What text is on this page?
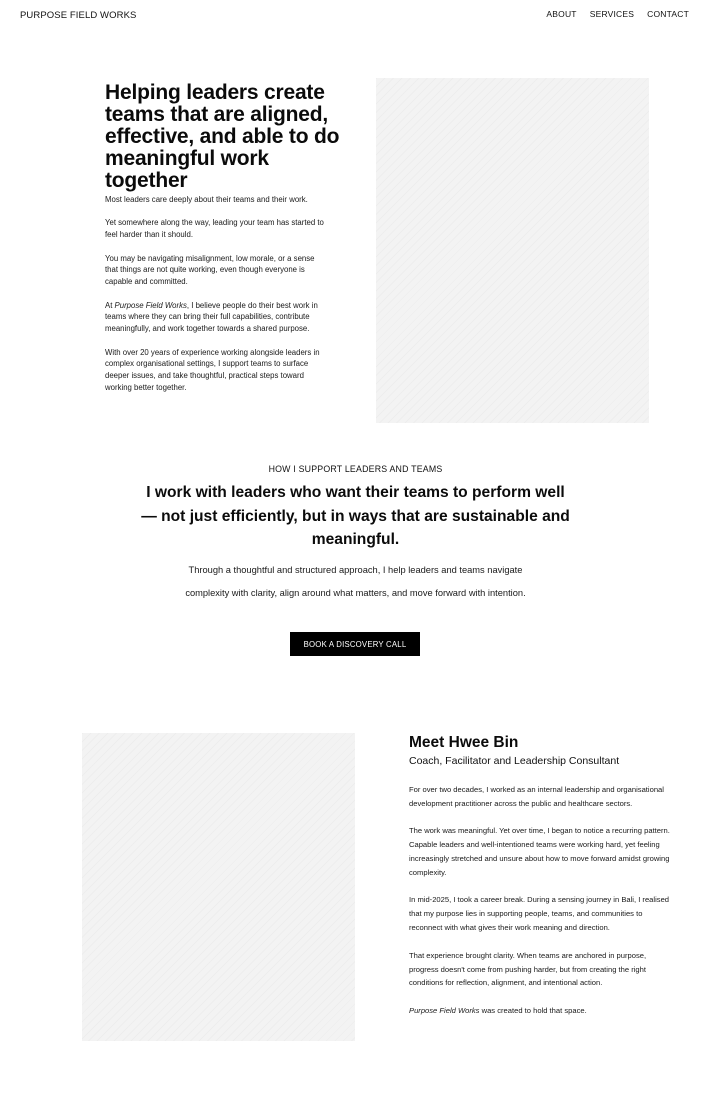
PURPOSE FIELD WORKS	ABOUT SERVICES CONTACT
Helping leaders create teams that are aligned, effective, and able to do meaningful work together

Most leaders care deeply about their teams and their work.

Yet somewhere along the way, leading your team has started to feel harder than it should.

You may be navigating misalignment, low morale, or a sense that things are not quite working, even though everyone is capable and committed.

At Purpose Field Works, I believe people do their best work in teams where they can bring their full capabilities, contribute meaningfully, and work together towards a shared purpose.

With over 20 years of experience working alongside leaders in complex organisational settings, I support teams to surface deeper issues, and take thoughtful, practical steps toward working better together.

HOW I SUPPORT LEADERS AND TEAMS
I work with leaders who want their teams to perform well — not just efficiently, but in ways that are sustainable and meaningful.

Through a thoughtful and structured approach, I help leaders and teams navigate complexity with clarity, align around what matters, and move forward with intention.

BOOK A DISCOVERY CALL
Meet Hwee Bin
Coach, Facilitator and Leadership Consultant

For over two decades, I worked as an internal leadership and organisational development practitioner across the public and healthcare sectors.

The work was meaningful. Yet over time, I began to notice a recurring pattern. Capable leaders and well-intentioned teams were working hard, yet feeling increasingly stretched and unsure about how to move forward amidst growing complexity.

In mid-2025, I took a career break. During a sensing journey in Bali, I realised that my purpose lies in supporting people, teams, and communities to reconnect with what gives their work meaning and direction.

That experience brought clarity. When teams are anchored in purpose, progress doesn't come from pushing harder, but from creating the right conditions for reflection, alignment, and intentional action.

Purpose Field Works was created to hold that space.
